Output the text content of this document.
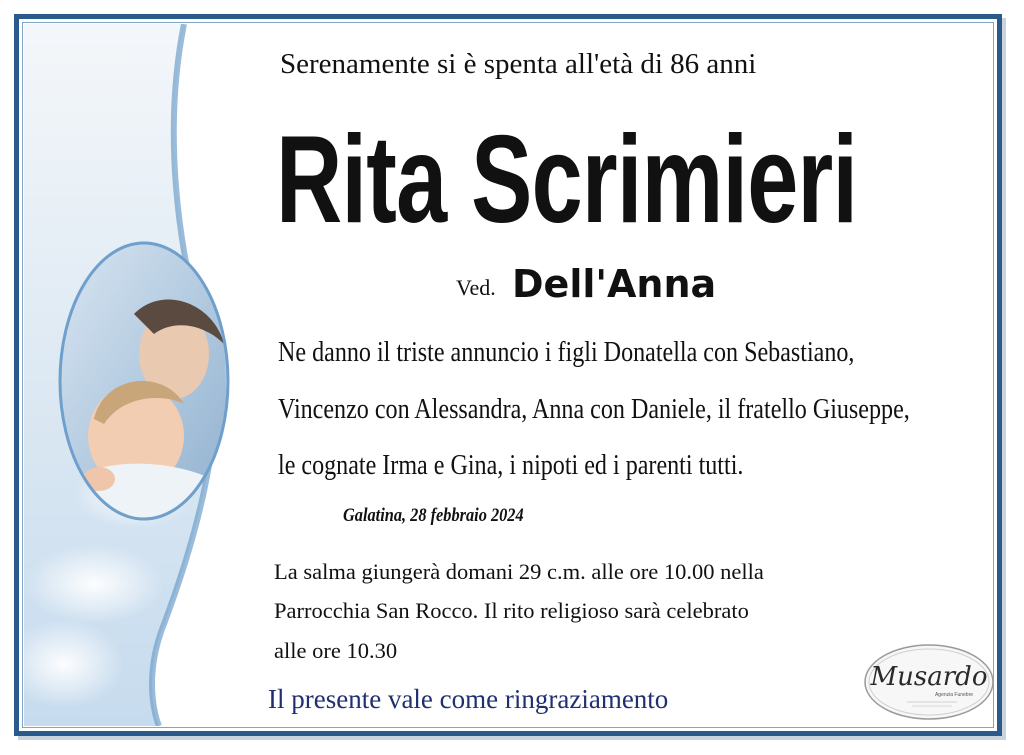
Serenamente si è spenta all'età di 86 anni
Rita Scrimieri
Ved. Dell'Anna
Ne danno il triste annuncio i figli Donatella con Sebastiano,
Vincenzo con Alessandra, Anna con Daniele, il fratello Giuseppe,
le cognate Irma e Gina, i nipoti ed i parenti tutti.
Galatina, 28 febbraio 2024
La salma giungerà domani 29 c.m. alle ore 10.00 nella
Parrocchia San Rocco. Il rito religioso sarà celebrato
alle ore 10.30
Il presente vale come ringraziamento
Musardo
Agenzia Funebre
